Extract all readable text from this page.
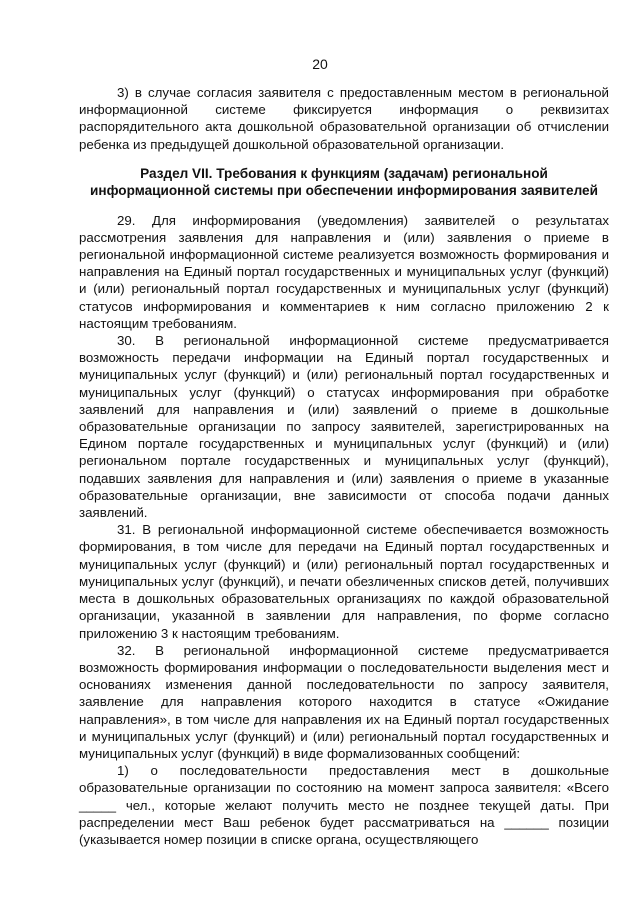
20

3) в случае согласия заявителя с предоставленным местом в региональной информационной системе фиксируется информация о реквизитах распорядительного акта дошкольной образовательной организации об отчислении ребенка из предыдущей дошкольной образовательной организации.

Раздел VII. Требования к функциям (задачам) региональной
информационной системы при обеспечении информирования заявителей

29. Для информирования (уведомления) заявителей о результатах рассмотрения заявления для направления и (или) заявления о приеме в региональной информационной системе реализуется возможность формирования и направления на Единый портал государственных и муниципальных услуг (функций) и (или) региональный портал государственных и муниципальных услуг (функций) статусов информирования и комментариев к ним согласно приложению 2 к настоящим требованиям.

30. В региональной информационной системе предусматривается возможность передачи информации на Единый портал государственных и муниципальных услуг (функций) и (или) региональный портал государственных и муниципальных услуг (функций) о статусах информирования при обработке заявлений для направления и (или) заявлений о приеме в дошкольные образовательные организации по запросу заявителей, зарегистрированных на Едином портале государственных и муниципальных услуг (функций) и (или) региональном портале государственных и муниципальных услуг (функций), подавших заявления для направления и (или) заявления о приеме в указанные образовательные организации, вне зависимости от способа подачи данных заявлений.

31. В региональной информационной системе обеспечивается возможность формирования, в том числе для передачи на Единый портал государственных и муниципальных услуг (функций) и (или) региональный портал государственных и муниципальных услуг (функций), и печати обезличенных списков детей, получивших места в дошкольных образовательных организациях по каждой образовательной организации, указанной в заявлении для направления, по форме согласно приложению 3 к настоящим требованиям.

32. В региональной информационной системе предусматривается возможность формирования информации о последовательности выделения мест и основаниях изменения данной последовательности по запросу заявителя, заявление для направления которого находится в статусе «Ожидание направления», в том числе для направления их на Единый портал государственных и муниципальных услуг (функций) и (или) региональный портал государственных и муниципальных услуг (функций) в виде формализованных сообщений:

1) о последовательности предоставления мест в дошкольные образовательные организации по состоянию на момент запроса заявителя: «Всего _____ чел., которые желают получить место не позднее текущей даты. При распределении мест Ваш ребенок будет рассматриваться на ______ позиции (указывается номер позиции в списке органа, осуществляющего
